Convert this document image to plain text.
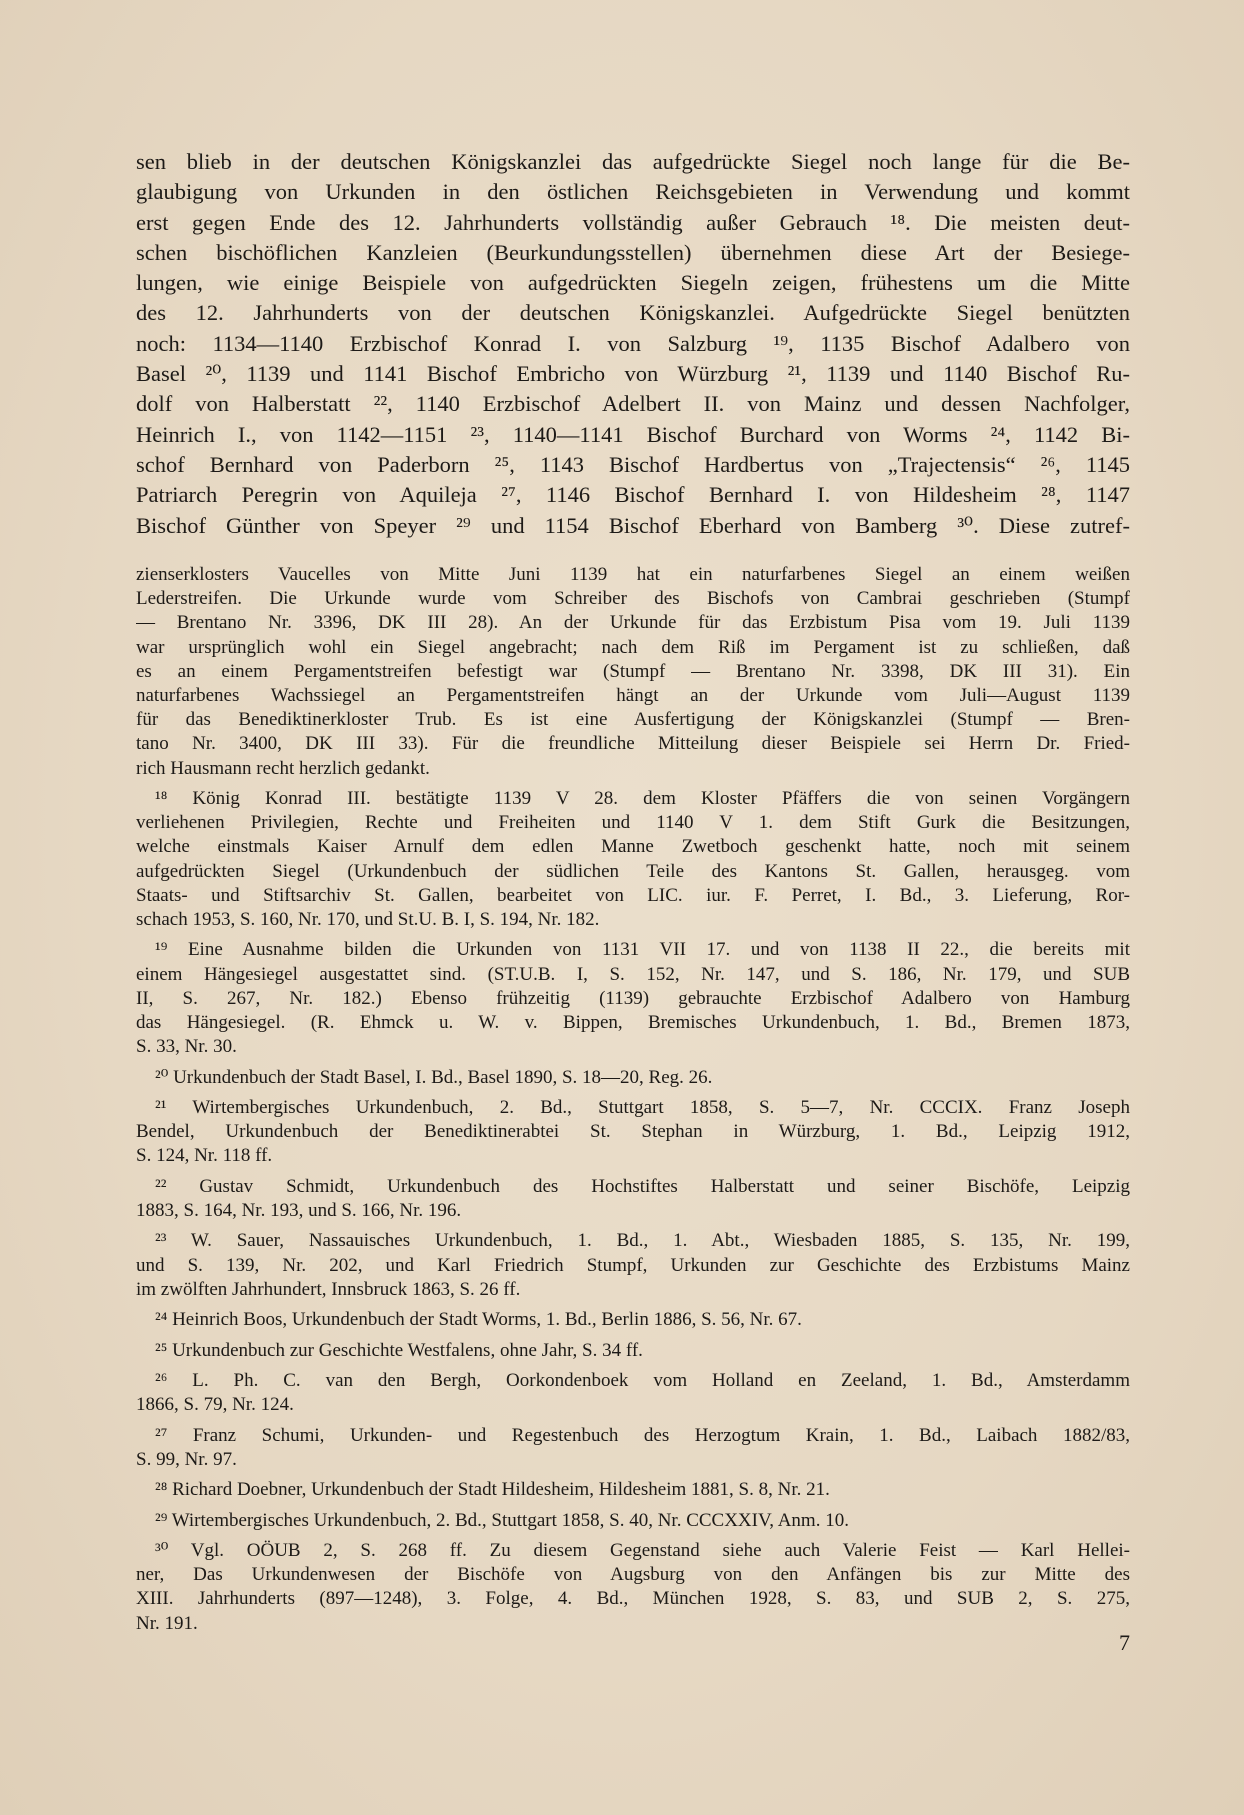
sen blieb in der deutschen Königskanzlei das aufgedrückte Siegel noch lange für die Be-
glaubigung von Urkunden in den östlichen Reichsgebieten in Verwendung und kommt
erst gegen Ende des 12. Jahrhunderts vollständig außer Gebrauch ¹⁸. Die meisten deut-
schen bischöflichen Kanzleien (Beurkundungsstellen) übernehmen diese Art der Besiege-
lungen, wie einige Beispiele von aufgedrückten Siegeln zeigen, frühestens um die Mitte
des 12. Jahrhunderts von der deutschen Königskanzlei. Aufgedrückte Siegel benützten
noch: 1134—1140 Erzbischof Konrad I. von Salzburg ¹⁹, 1135 Bischof Adalbero von
Basel ²⁰, 1139 und 1141 Bischof Embricho von Würzburg ²¹, 1139 und 1140 Bischof Ru-
dolf von Halberstatt ²², 1140 Erzbischof Adelbert II. von Mainz und dessen Nachfolger,
Heinrich I., von 1142—1151 ²³, 1140—1141 Bischof Burchard von Worms ²⁴, 1142 Bi-
schof Bernhard von Paderborn ²⁵, 1143 Bischof Hardbertus von „Trajectensis“ ²⁶, 1145
Patriarch Peregrin von Aquileja ²⁷, 1146 Bischof Bernhard I. von Hildesheim ²⁸, 1147
Bischof Günther von Speyer ²⁹ und 1154 Bischof Eberhard von Bamberg ³⁰. Diese zutref-
zienserklosters Vaucelles von Mitte Juni 1139 hat ein naturfarbenes Siegel an einem weißen
Lederstreifen. Die Urkunde wurde vom Schreiber des Bischofs von Cambrai geschrieben (Stumpf
— Brentano Nr. 3396, DK III 28). An der Urkunde für das Erzbistum Pisa vom 19. Juli 1139
war ursprünglich wohl ein Siegel angebracht; nach dem Riß im Pergament ist zu schließen, daß
es an einem Pergamentstreifen befestigt war (Stumpf — Brentano Nr. 3398, DK III 31). Ein
naturfarbenes Wachssiegel an Pergamentstreifen hängt an der Urkunde vom Juli—August 1139
für das Benediktinerkloster Trub. Es ist eine Ausfertigung der Königskanzlei (Stumpf — Bren-
tano Nr. 3400, DK III 33). Für die freundliche Mitteilung dieser Beispiele sei Herrn Dr. Fried-
rich Hausmann recht herzlich gedankt.
¹⁸ König Konrad III. bestätigte 1139 V 28. dem Kloster Pfäffers die von seinen Vorgängern
verliehenen Privilegien, Rechte und Freiheiten und 1140 V 1. dem Stift Gurk die Besitzungen,
welche einstmals Kaiser Arnulf dem edlen Manne Zwetboch geschenkt hatte, noch mit seinem
aufgedrückten Siegel (Urkundenbuch der südlichen Teile des Kantons St. Gallen, herausgeg. vom
Staats- und Stiftsarchiv St. Gallen, bearbeitet von LIC. iur. F. Perret, I. Bd., 3. Lieferung, Ror-
schach 1953, S. 160, Nr. 170, und St.U. B. I, S. 194, Nr. 182.
¹⁹ Eine Ausnahme bilden die Urkunden von 1131 VII 17. und von 1138 II 22., die bereits mit
einem Hängesiegel ausgestattet sind. (ST.U.B. I, S. 152, Nr. 147, und S. 186, Nr. 179, und SUB
II, S. 267, Nr. 182.) Ebenso frühzeitig (1139) gebrauchte Erzbischof Adalbero von Hamburg
das Hängesiegel. (R. Ehmck u. W. v. Bippen, Bremisches Urkundenbuch, 1. Bd., Bremen 1873,
S. 33, Nr. 30.
²⁰ Urkundenbuch der Stadt Basel, I. Bd., Basel 1890, S. 18—20, Reg. 26.
²¹ Wirtembergisches Urkundenbuch, 2. Bd., Stuttgart 1858, S. 5—7, Nr. CCCIX. Franz Joseph
Bendel, Urkundenbuch der Benediktinerabtei St. Stephan in Würzburg, 1. Bd., Leipzig 1912,
S. 124, Nr. 118 ff.
²² Gustav Schmidt, Urkundenbuch des Hochstiftes Halberstatt und seiner Bischöfe, Leipzig
1883, S. 164, Nr. 193, und S. 166, Nr. 196.
²³ W. Sauer, Nassauisches Urkundenbuch, 1. Bd., 1. Abt., Wiesbaden 1885, S. 135, Nr. 199,
und S. 139, Nr. 202, und Karl Friedrich Stumpf, Urkunden zur Geschichte des Erzbistums Mainz
im zwölften Jahrhundert, Innsbruck 1863, S. 26 ff.
²⁴ Heinrich Boos, Urkundenbuch der Stadt Worms, 1. Bd., Berlin 1886, S. 56, Nr. 67.
²⁵ Urkundenbuch zur Geschichte Westfalens, ohne Jahr, S. 34 ff.
²⁶ L. Ph. C. van den Bergh, Oorkondenboek vom Holland en Zeeland, 1. Bd., Amsterdamm
1866, S. 79, Nr. 124.
²⁷ Franz Schumi, Urkunden- und Regestenbuch des Herzogtum Krain, 1. Bd., Laibach 1882/83,
S. 99, Nr. 97.
²⁸ Richard Doebner, Urkundenbuch der Stadt Hildesheim, Hildesheim 1881, S. 8, Nr. 21.
²⁹ Wirtembergisches Urkundenbuch, 2. Bd., Stuttgart 1858, S. 40, Nr. CCCXXIV, Anm. 10.
³⁰ Vgl. OÖUB 2, S. 268 ff. Zu diesem Gegenstand siehe auch Valerie Feist — Karl Hellei-
ner, Das Urkundenwesen der Bischöfe von Augsburg von den Anfängen bis zur Mitte des
XIII. Jahrhunderts (897—1248), 3. Folge, 4. Bd., München 1928, S. 83, und SUB 2, S. 275,
Nr. 191.
7
